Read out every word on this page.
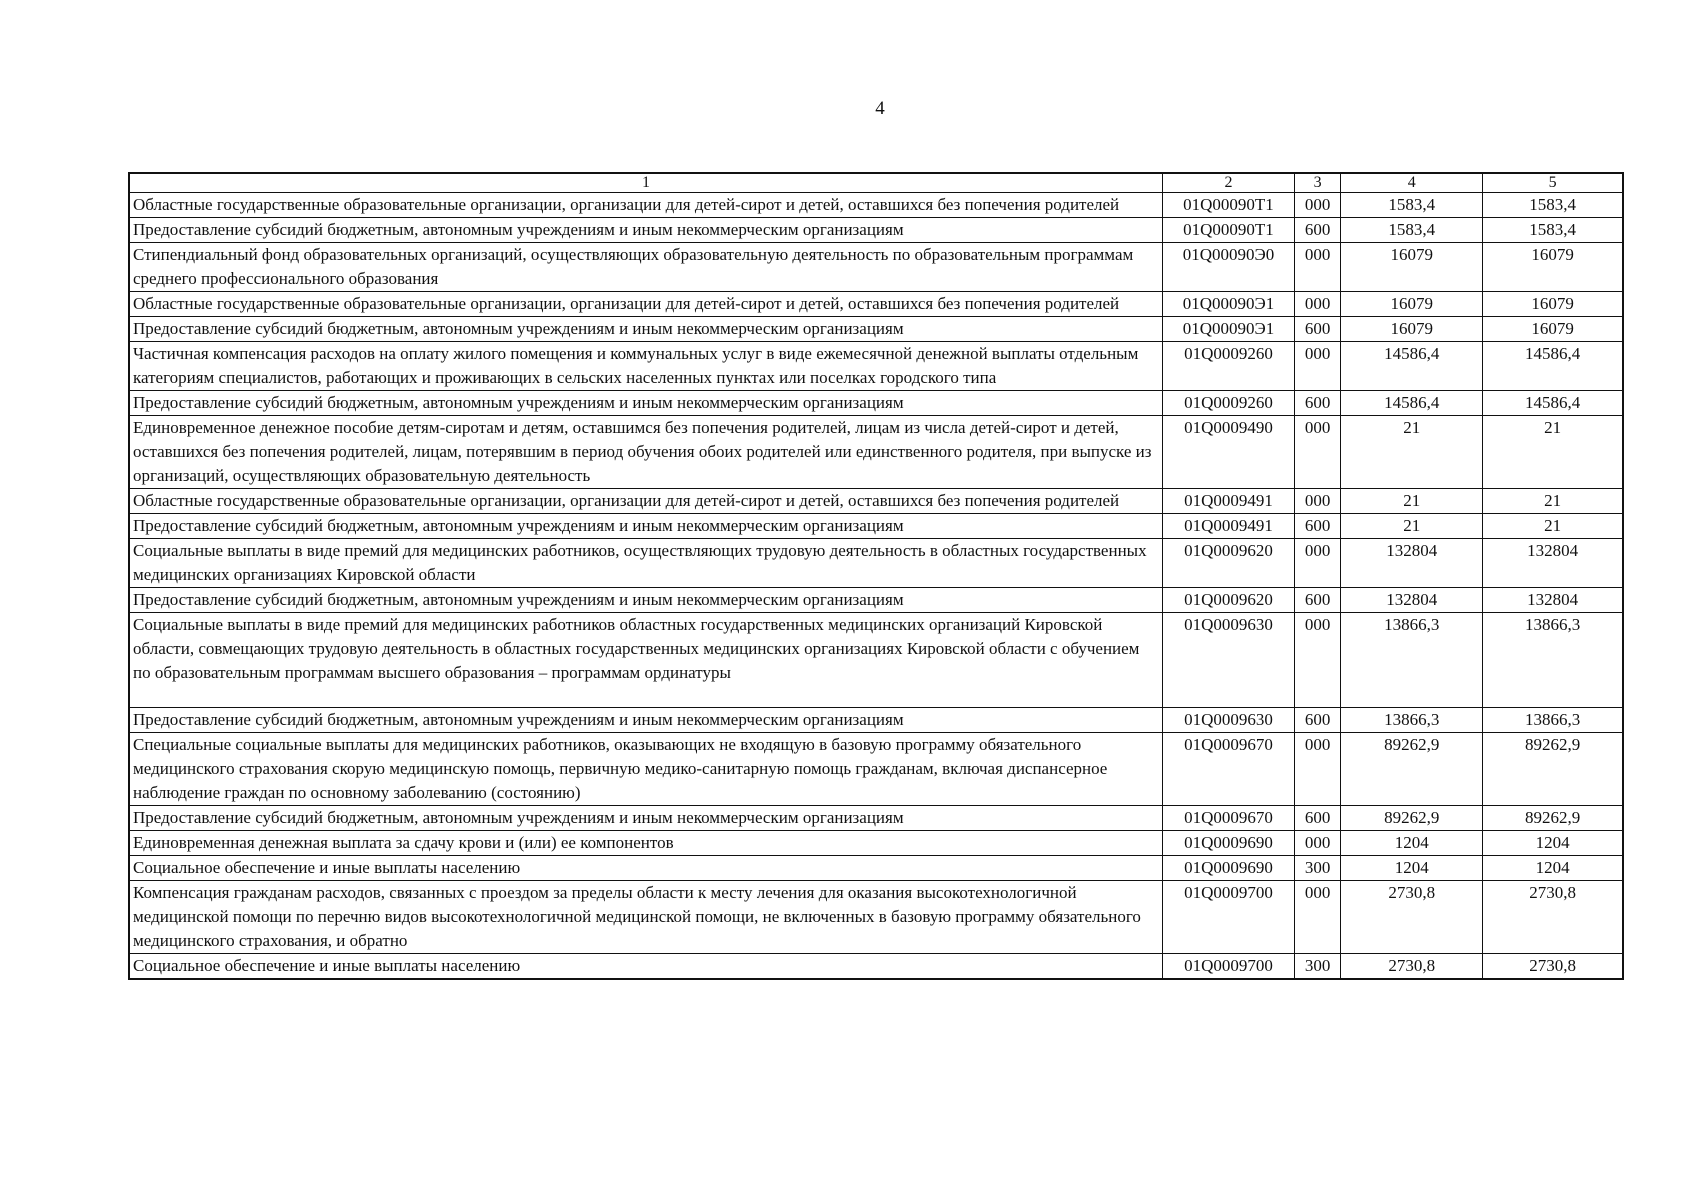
4
1	2	3	4	5
Областные государственные образовательные организации, организации для детей-сирот и детей, оставшихся без попечения родителей	01Q00090T1	000	1583,4	1583,4
Предоставление субсидий бюджетным, автономным учреждениям и иным некоммерческим организациям	01Q00090T1	600	1583,4	1583,4
Стипендиальный фонд образовательных организаций, осуществляющих образовательную деятельность по образовательным программам среднего профессионального образования	01Q00090Э0	000	16079	16079
Областные государственные образовательные организации, организации для детей-сирот и детей, оставшихся без попечения родителей	01Q00090Э1	000	16079	16079
Предоставление субсидий бюджетным, автономным учреждениям и иным некоммерческим организациям	01Q00090Э1	600	16079	16079
Частичная компенсация расходов на оплату жилого помещения и коммунальных услуг в виде ежемесячной денежной выплаты отдельным категориям специалистов, работающих и проживающих в сельских населенных пунктах или поселках городского типа	01Q0009260	000	14586,4	14586,4
Предоставление субсидий бюджетным, автономным учреждениям и иным некоммерческим организациям	01Q0009260	600	14586,4	14586,4
Единовременное денежное пособие детям-сиротам и детям, оставшимся без попечения родителей, лицам из числа детей-сирот и детей, оставшихся без попечения родителей, лицам, потерявшим в период обучения обоих родителей или единственного родителя, при выпуске из организаций, осуществляющих образовательную деятельность	01Q0009490	000	21	21
Областные государственные образовательные организации, организации для детей-сирот и детей, оставшихся без попечения родителей	01Q0009491	000	21	21
Предоставление субсидий бюджетным, автономным учреждениям и иным некоммерческим организациям	01Q0009491	600	21	21
Социальные выплаты в виде премий для медицинских работников, осуществляющих трудовую деятельность в областных государственных медицинских организациях Кировской области	01Q0009620	000	132804	132804
Предоставление субсидий бюджетным, автономным учреждениям и иным некоммерческим организациям	01Q0009620	600	132804	132804
Социальные выплаты в виде премий для медицинских работников областных государственных медицинских организаций Кировской области, совмещающих трудовую деятельность в областных государственных медицинских организациях Кировской области с обучением по образовательным программам высшего образования – программам ординатуры	01Q0009630	000	13866,3	13866,3
Предоставление субсидий бюджетным, автономным учреждениям и иным некоммерческим организациям	01Q0009630	600	13866,3	13866,3
Специальные социальные выплаты для медицинских работников, оказывающих не входящую в базовую программу обязательного медицинского страхования скорую медицинскую помощь, первичную медико-санитарную помощь гражданам, включая диспансерное наблюдение граждан по основному заболеванию (состоянию)	01Q0009670	000	89262,9	89262,9
Предоставление субсидий бюджетным, автономным учреждениям и иным некоммерческим организациям	01Q0009670	600	89262,9	89262,9
Единовременная денежная выплата за сдачу крови и (или) ее компонентов	01Q0009690	000	1204	1204
Социальное обеспечение и иные выплаты населению	01Q0009690	300	1204	1204
Компенсация гражданам расходов, связанных с проездом за пределы области к месту лечения для оказания высокотехнологичной медицинской помощи по перечню видов высокотехнологичной медицинской помощи, не включенных в базовую программу обязательного медицинского страхования, и обратно	01Q0009700	000	2730,8	2730,8
Социальное обеспечение и иные выплаты населению	01Q0009700	300	2730,8	2730,8
